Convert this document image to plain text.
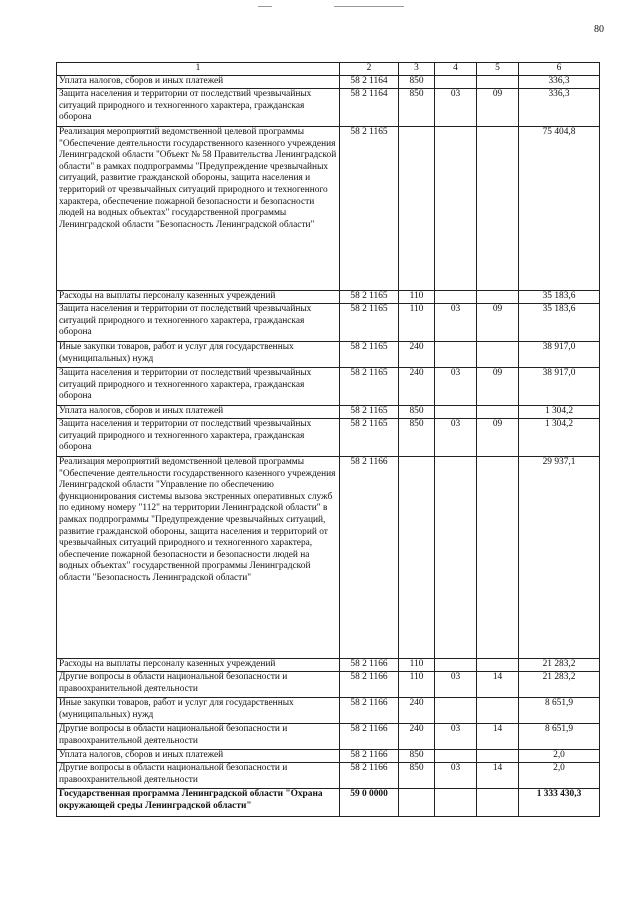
80
1	2	3	4	5	6
Уплата налогов, сборов и иных платежей	58 2 1164	850			336,3
Защита населения и территории от последствий чрезвычайных ситуаций природного и техногенного характера, гражданская оборона	58 2 1164	850	03	09	336,3
Реализация мероприятий ведомственной целевой программы "Обеспечение деятельности государственного казенного учреждения Ленинградской области "Объект № 58 Правительства Ленинградской области" в рамках подпрограммы "Предупреждение чрезвычайных ситуаций, развитие гражданской обороны, защита населения и территорий от чрезвычайных ситуаций природного и техногенного характера, обеспечение пожарной безопасности и безопасности людей на водных объектах" государственной программы Ленинградской области "Безопасность Ленинградской области"	58 2 1165				75 404,8
Расходы на выплаты персоналу казенных учреждений	58 2 1165	110			35 183,6
Защита населения и территории от последствий чрезвычайных ситуаций природного и техногенного характера, гражданская оборона	58 2 1165	110	03	09	35 183,6
Иные закупки товаров, работ и услуг для государственных (муниципальных) нужд	58 2 1165	240			38 917,0
Защита населения и территории от последствий чрезвычайных ситуаций природного и техногенного характера, гражданская оборона	58 2 1165	240	03	09	38 917,0
Уплата налогов, сборов и иных платежей	58 2 1165	850			1 304,2
Защита населения и территории от последствий чрезвычайных ситуаций природного и техногенного характера, гражданская оборона	58 2 1165	850	03	09	1 304,2
Реализация мероприятий ведомственной целевой программы "Обеспечение деятельности государственного казенного учреждения Ленинградской области "Управление по обеспечению функционирования системы вызова экстренных оперативных служб по единому номеру "112" на территории Ленинградской области" в рамках подпрограммы "Предупреждение чрезвычайных ситуаций, развитие гражданской обороны, защита населения и территорий от чрезвычайных ситуаций природного и техногенного характера, обеспечение пожарной безопасности и безопасности людей на водных объектах" государственной программы Ленинградской области "Безопасность Ленинградской области"	58 2 1166				29 937,1
Расходы на выплаты персоналу казенных учреждений	58 2 1166	110			21 283,2
Другие вопросы в области национальной безопасности и правоохранительной деятельности	58 2 1166	110	03	14	21 283,2
Иные закупки товаров, работ и услуг для государственных (муниципальных) нужд	58 2 1166	240			8 651,9
Другие вопросы в области национальной безопасности и правоохранительной деятельности	58 2 1166	240	03	14	8 651,9
Уплата налогов, сборов и иных платежей	58 2 1166	850			2,0
Другие вопросы в области национальной безопасности и правоохранительной деятельности	58 2 1166	850	03	14	2,0
Государственная программа Ленинградской области "Охрана окружающей среды Ленинградской области"	59 0 0000				1 333 430,3
